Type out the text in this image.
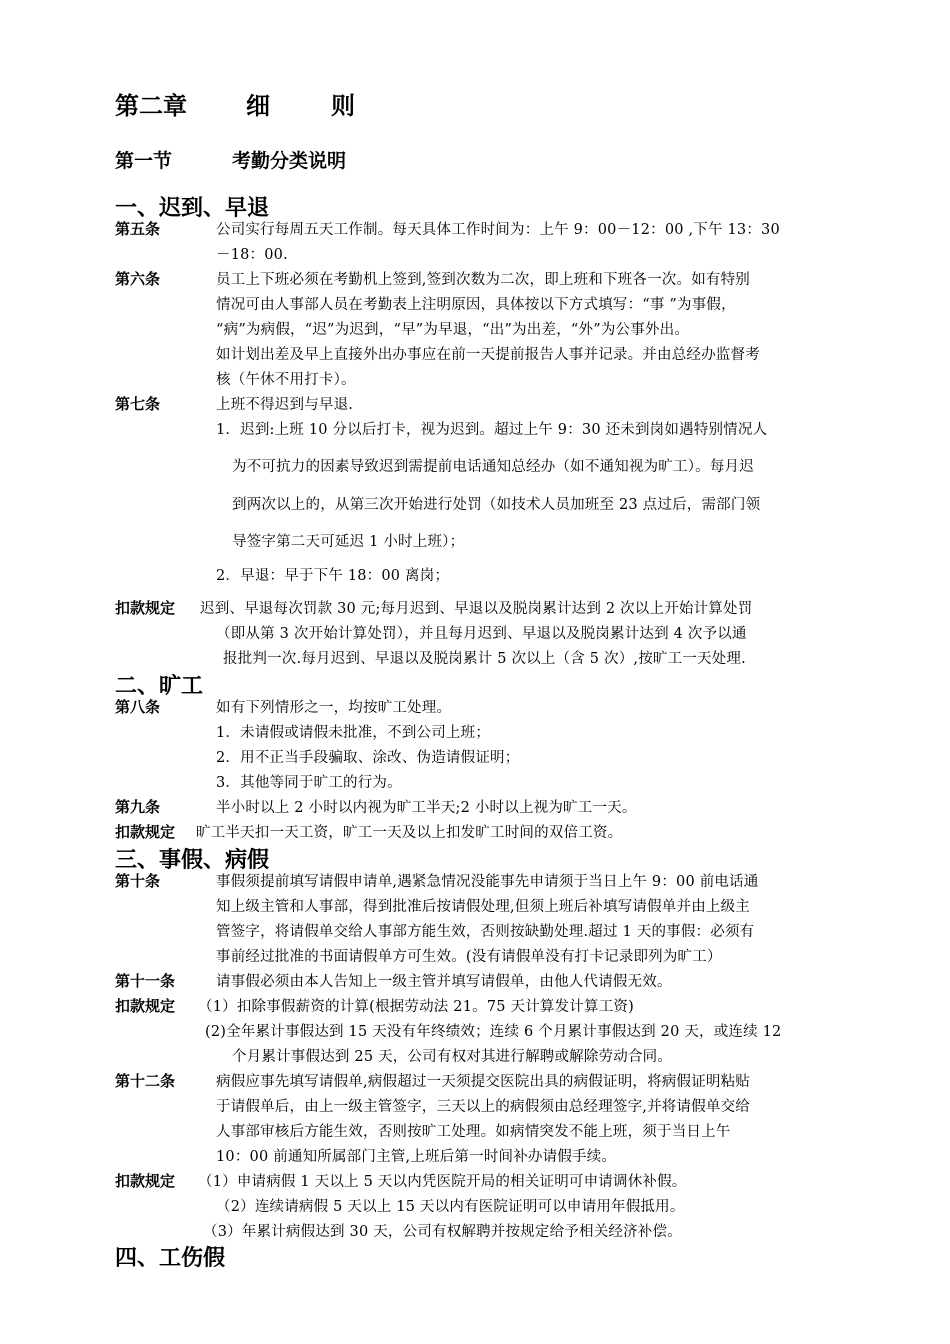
第二章 细	则
第一节	考勤分类说明
一、迟到、早退
第五条	公司实行每周五天工作制。每天具体工作时间为：上午 9：00－12：00 ,下午 13：30
－18：00.
第六条	员工上下班必须在考勤机上签到,签到次数为二次，即上班和下班各一次。如有特别
情况可由人事部人员在考勤表上注明原因，具体按以下方式填写：“事 ”为事假，
“病”为病假，“迟”为迟到，“早”为早退，“出”为出差，“外”为公事外出。
如计划出差及早上直接外出办事应在前一天提前报告人事并记录。并由总经办监督考
核（午休不用打卡）。
第七条	上班不得迟到与早退.
1．迟到:上班 10 分以后打卡，视为迟到。超过上午 9：30 还未到岗如遇特别情况人
为不可抗力的因素导致迟到需提前电话通知总经办（如不通知视为旷工）。每月迟
到两次以上的，从第三次开始进行处罚（如技术人员加班至 23 点过后，需部门领
导签字第二天可延迟 1 小时上班）；
2．早退：早于下午 18：00 离岗；
扣款规定 迟到、早退每次罚款 30 元;每月迟到、早退以及脱岗累计达到 2 次以上开始计算处罚
（即从第 3 次开始计算处罚），并且每月迟到、早退以及脱岗累计达到 4 次予以通
报批判一次.每月迟到、早退以及脱岗累计 5 次以上（含 5 次）,按旷工一天处理.
二、旷工
第八条	如有下列情形之一，均按旷工处理。
1．未请假或请假未批准，不到公司上班；
2．用不正当手段骗取、涂改、伪造请假证明；
3．其他等同于旷工的行为。
第九条	半小时以上 2 小时以内视为旷工半天;2 小时以上视为旷工一天。
扣款规定 旷工半天扣一天工资，旷工一天及以上扣发旷工时间的双倍工资。
三、事假、病假
第十条	事假须提前填写请假申请单,遇紧急情况没能事先申请须于当日上午 9：00 前电话通
知上级主管和人事部，得到批准后按请假处理,但须上班后补填写请假单并由上级主
管签字，将请假单交给人事部方能生效，否则按缺勤处理.超过 1 天的事假：必须有
事前经过批准的书面请假单方可生效。(没有请假单没有打卡记录即列为旷工）
第十一条	请事假必须由本人告知上一级主管并填写请假单，由他人代请假无效。
扣款规定 （1）扣除事假薪资的计算(根据劳动法 21。75 天计算发计算工资)
(2)全年累计事假达到 15 天没有年终绩效；连续 6 个月累计事假达到 20 天，或连续 12
个月累计事假达到 25 天，公司有权对其进行解聘或解除劳动合同。
第十二条	病假应事先填写请假单,病假超过一天须提交医院出具的病假证明，将病假证明粘贴
于请假单后，由上一级主管签字，三天以上的病假须由总经理签字,并将请假单交给
人事部审核后方能生效，否则按旷工处理。如病情突发不能上班，须于当日上午
10：00 前通知所属部门主管,上班后第一时间补办请假手续。
扣款规定 （1）申请病假 1 天以上 5 天以内凭医院开局的相关证明可申请调休补假。
（2）连续请病假 5 天以上 15 天以内有医院证明可以申请用年假抵用。
（3）年累计病假达到 30 天，公司有权解聘并按规定给予相关经济补偿。
四、工伤假
